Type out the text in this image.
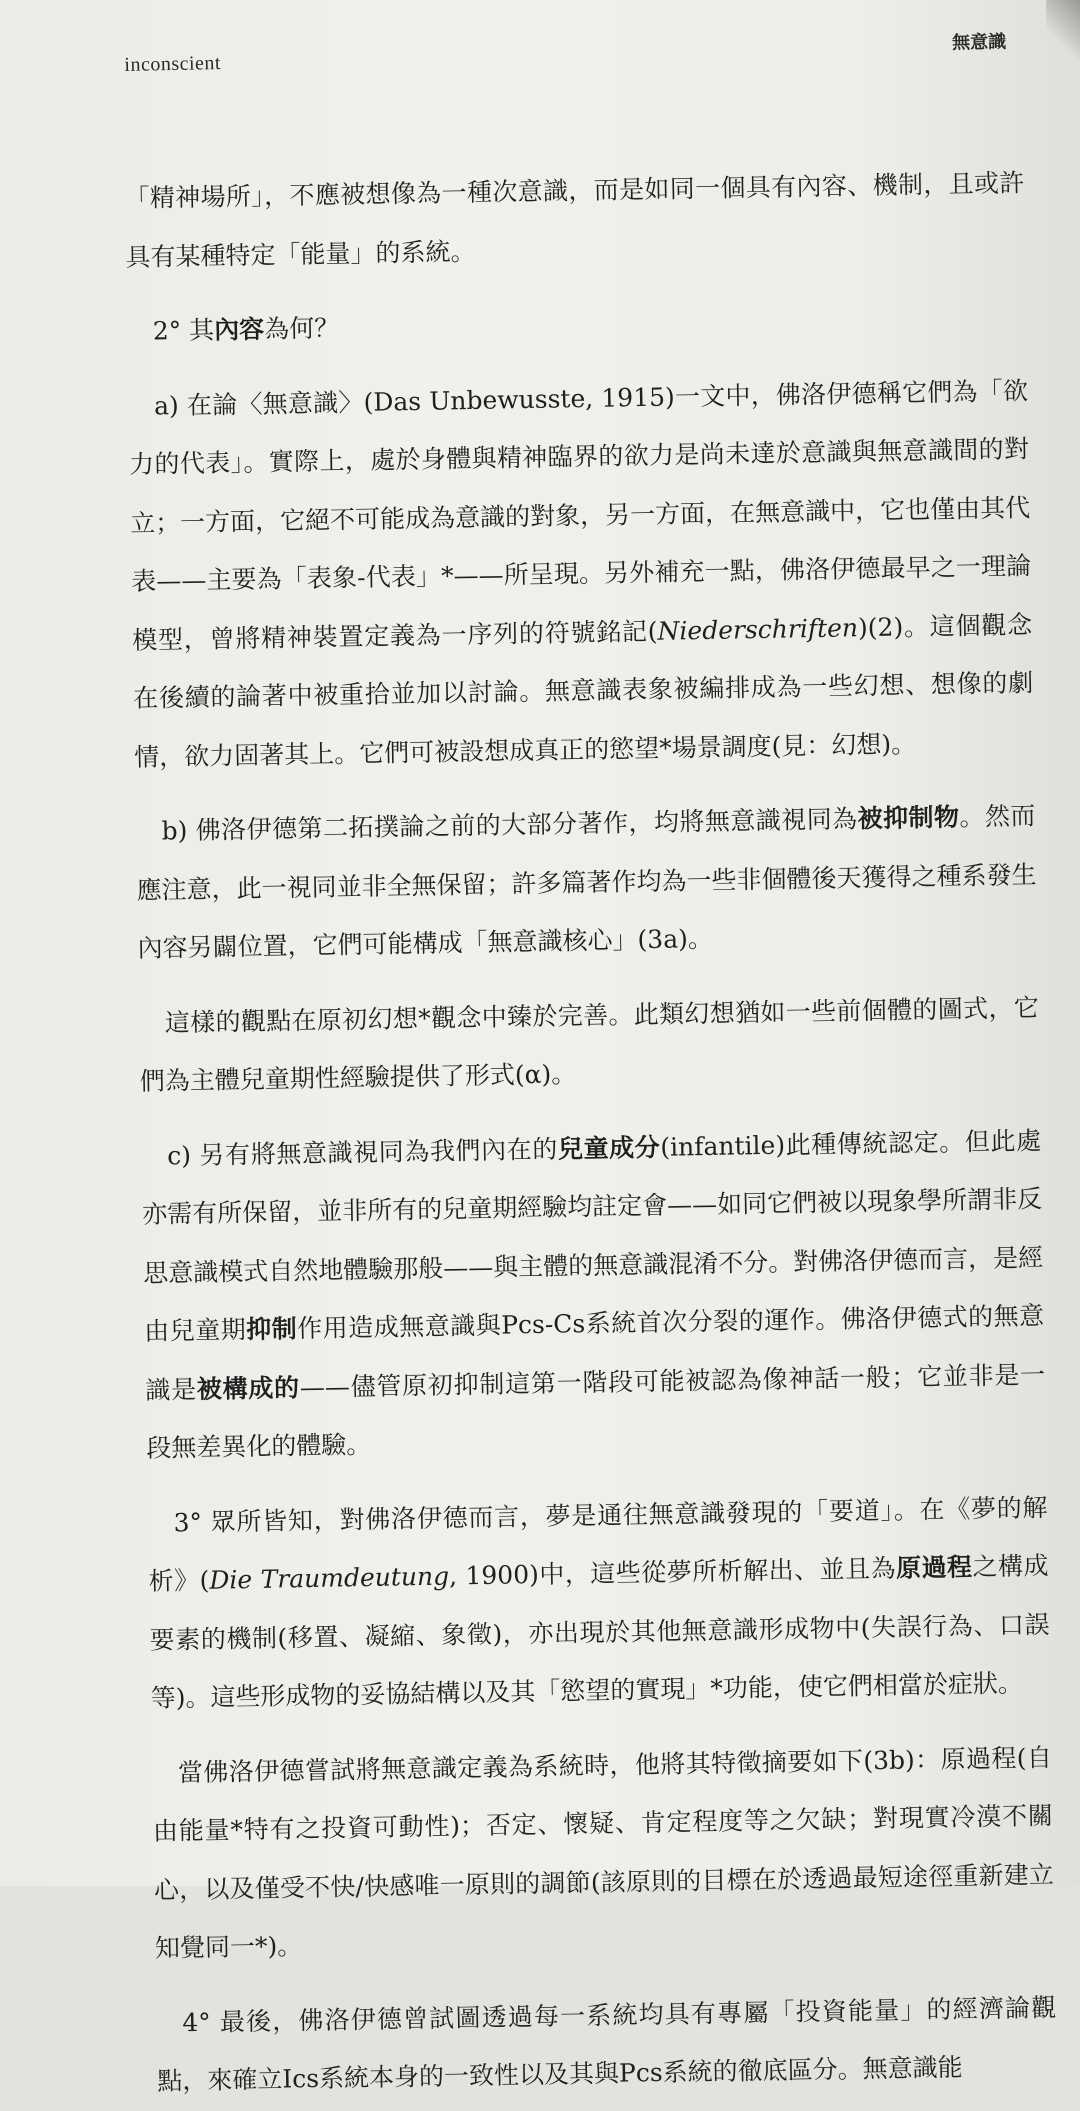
inconscient
無意識

「精神場所」，不應被想像為一種次意識，而是如同一個具有內容、機制，且或許具有某種特定「能量」的系統。

2° 其內容為何？

a) 在論〈無意識〉(Das Unbewusste, 1915)一文中，佛洛伊德稱它們為「欲力的代表」。實際上，處於身體與精神臨界的欲力是尚未達於意識與無意識間的對立；一方面，它絕不可能成為意識的對象，另一方面，在無意識中，它也僅由其代表——主要為「表象-代表」*——所呈現。另外補充一點，佛洛伊德最早之一理論模型，曾將精神裝置定義為一序列的符號銘記(Niederschriften)(2)。這個觀念在後續的論著中被重拾並加以討論。無意識表象被編排成為一些幻想、想像的劇情，欲力固著其上。它們可被設想成真正的慾望*場景調度(見：幻想)。

b) 佛洛伊德第二拓撲論之前的大部分著作，均將無意識視同為被抑制物。然而應注意，此一視同並非全無保留；許多篇著作均為一些非個體後天獲得之種系發生內容另闢位置，它們可能構成「無意識核心」(3a)。

這樣的觀點在原初幻想*觀念中臻於完善。此類幻想猶如一些前個體的圖式，它們為主體兒童期性經驗提供了形式(α)。

c) 另有將無意識視同為我們內在的兒童成分(infantile)此種傳統認定。但此處亦需有所保留，並非所有的兒童期經驗均註定會——如同它們被以現象學所謂非反思意識模式自然地體驗那般——與主體的無意識混淆不分。對佛洛伊德而言，是經由兒童期抑制作用造成無意識與Pcs-Cs系統首次分裂的運作。佛洛伊德式的無意識是被構成的——儘管原初抑制這第一階段可能被認為像神話一般；它並非是一段無差異化的體驗。

3° 眾所皆知，對佛洛伊德而言，夢是通往無意識發現的「要道」。在《夢的解析》(Die Traumdeutung, 1900)中，這些從夢所析解出、並且為原過程之構成要素的機制(移置、凝縮、象徵)，亦出現於其他無意識形成物中(失誤行為、口誤等)。這些形成物的妥協結構以及其「慾望的實現」*功能，使它們相當於症狀。

當佛洛伊德嘗試將無意識定義為系統時，他將其特徵摘要如下(3b)：原過程(自由能量*特有之投資可動性)；否定、懷疑、肯定程度等之欠缺；對現實冷漠不關心，以及僅受不快/快感唯一原則的調節(該原則的目標在於透過最短途徑重新建立知覺同一*)。

4° 最後，佛洛伊德曾試圖透過每一系統均具有專屬「投資能量」的經濟論觀點，來確立Ics系統本身的一致性以及其與Pcs系統的徹底區分。無意識能
